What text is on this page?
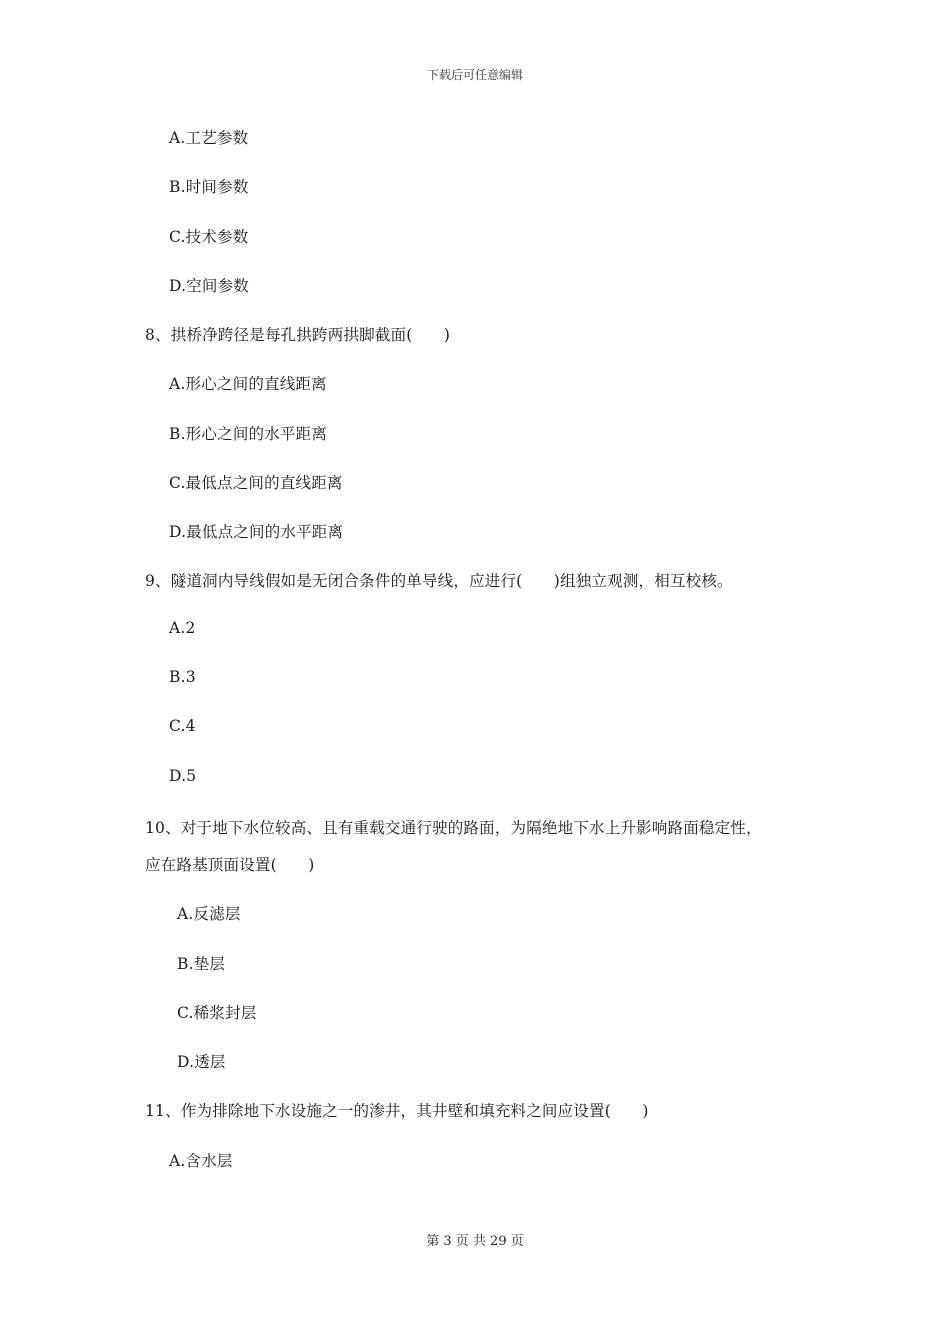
下载后可任意编辑
A.工艺参数
B.时间参数
C.技术参数
D.空间参数
8、拱桥净跨径是每孔拱跨两拱脚截面(　　)
A.形心之间的直线距离
B.形心之间的水平距离
C.最低点之间的直线距离
D.最低点之间的水平距离
9、隧道洞内导线假如是无闭合条件的单导线，应进行(　　)组独立观测，相互校核。
A.2
B.3
C.4
D.5
10、对于地下水位较高、且有重载交通行驶的路面，为隔绝地下水上升影响路面稳定性，
应在路基顶面设置(　　)
A.反滤层
B.垫层
C.稀浆封层
D.透层
11、作为排除地下水设施之一的渗井，其井壁和填充料之间应设置(　　)
A.含水层
第 3 页 共 29 页
